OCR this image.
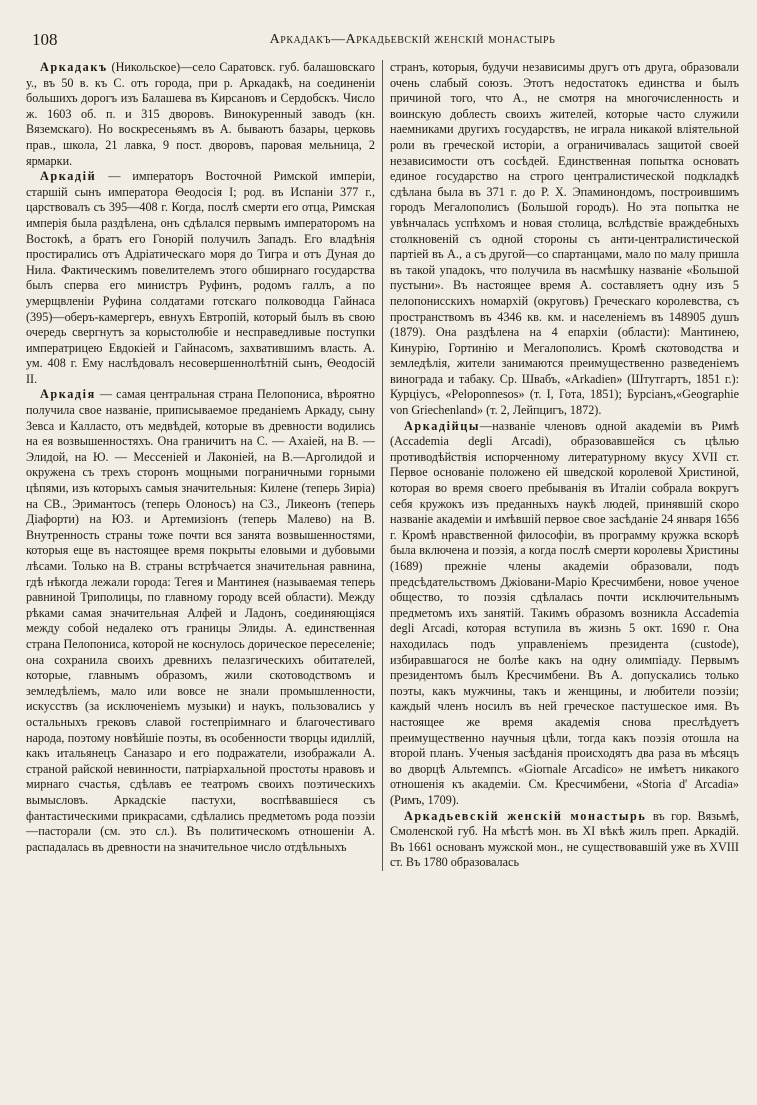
108	Аркадакъ—Аркадьевскій женскій монастырь

Аркадакъ (Никольское)—село Саратовск. губ. балашовскаго у., въ 50 в. къ С. отъ города, при р. Аркадакѣ, на соединеніи большихъ дорогъ изъ Балашева въ Кирсановъ и Сердобскъ. Число ж. 1603 об. п. и 315 дворовъ. Винокуренный заводъ (кн. Вяземскаго). Но воскресеньямъ въ А. бываютъ базары, церковь прав., школа, 21 лавка, 9 пост. дворовъ, паровая мельница, 2 ярмарки.

Аркадій — императоръ Восточной Римской имперіи, старшій сынъ императора Θеодосія I; род. въ Испаніи 377 г., царствовалъ съ 395—408 г. Когда, послѣ смерти его отца, Римская имперія была раздѣлена, онъ сдѣлался первымъ императоромъ на Востокѣ, а братъ его Гонорій получилъ Западъ. Его владѣнія простирались отъ Адріатическаго моря до Тигра и отъ Дуная до Нила. Фактическимъ повелителемъ этого обширнаго государства былъ сперва его министръ Руфинъ, родомъ галлъ, а по умерщвленіи Руфина солдатами готскаго полководца Гайнаса (395)—оберъ-камергеръ, евнухъ Евтропій, который былъ въ свою очередь свергнутъ за корыстолюбіе и несправедливые поступки императрицею Евдокіей и Гайнасомъ, захватившимъ власть. А. ум. 408 г. Ему наслѣдовалъ несовершеннолѣтній сынъ, Θеодосій II.

Аркадія — самая центральная страна Пелопониса, вѣроятно получила свое названіе, приписываемое преданіемъ Аркаду, сыну Зевса и Калласто, отъ медвѣдей, которые въ древности водились на ея возвышенностяхъ. Она граничитъ на С. — Ахаіей, на В. — Элидой, на Ю. — Мессеніей и Лаконіей, на В.—Арголидой и окружена съ трехъ сторонъ мощными пограничными горными цѣпями, изъ которыхъ самыя значительныя: Килене (теперь Зиріа) на СВ., Эримантосъ (теперь Олоносъ) на СЗ., Ликеонъ (теперь Діафорти) на ЮЗ. и Артемизіонъ (теперь Малево) на В. Внутренность страны тоже почти вся занята возвышенностями, которыя еще въ настоящее время покрыты еловыми и дубовыми лѣсами. Только на В. страны встрѣчается значительная равнина, гдѣ нѣкогда лежали города: Тегея и Мантинея (называемая теперь равниной Триполицы, по главному городу всей области). Между рѣками самая значительная Алфей и Ладонъ, соединяющіяся между собой недалеко отъ границы Элиды. А. единственная страна Пелопониса, которой не коснулось дорическое переселеніе; она сохранила своихъ древнихъ пелазгическихъ обитателей, которые, главнымъ образомъ, жили скотоводствомъ и земледѣліемъ, мало или вовсе не знали промышленности, искусствъ (за исключеніемъ музыки) и наукъ, пользовались у остальныхъ грековъ славой гостепріимнаго и благочестиваго народа, поэтому новѣйшіе поэты, въ особенности творцы идиллій, какъ итальянецъ Саназаро и его подражатели, изображали А. страной райской невинности, патріархальной простоты нравовъ и мирнаго счастья, сдѣлавъ ее театромъ своихъ поэтическихъ вымысловъ. Аркадскіе пастухи, воспѣвавшіеся съ фантастическими прикрасами, сдѣлались предметомъ рода поэзіи—пасторали (см. это сл.). Въ политическомъ отношеніи А. распадалась въ древности на значительное число отдѣльныхъ

странъ, которыя, будучи независимы другъ отъ друга, образовали очень слабый союзъ. Этотъ недостатокъ единства и былъ причиной того, что А., не смотря на многочисленность и воинскую доблесть своихъ жителей, которые часто служили наемниками другихъ государствъ, не играла никакой вліятельной роли въ греческой исторіи, а ограничивалась защитой своей независимости отъ сосѣдей. Единственная попытка основать единое государство на строго централистической подкладкѣ сдѣлана была въ 371 г. до Р. Х. Эпаминондомъ, построившимъ городъ Мегалополисъ (Большой городъ). Но эта попытка не увѣнчалась успѣхомъ и новая столица, вслѣдствіе враждебныхъ столкновеній съ одной стороны съ анти-централистической партіей въ А., а съ другой—со спартанцами, мало по малу пришла въ такой упадокъ, что получила въ насмѣшку названіе «Большой пустыни». Въ настоящее время А. составляетъ одну изъ 5 пелопонисскихъ номархій (округовъ) Греческаго королевства, съ пространствомъ въ 4346 кв. км. и населеніемъ въ 148905 душъ (1879). Она раздѣлена на 4 епархіи (области): Мантинею, Кинурію, Гортинію и Мегалополисъ. Кромѣ скотоводства и земледѣлія, жители занимаются преимущественно разведеніемъ винограда и табаку. Ср. Швабъ, «Arkadien» (Штутгартъ, 1851 г.): Курціусъ, «Peloponnesos» (т. I, Гота, 1851); Бурсіанъ,«Geographie von Griechenland» (т. 2, Лейпцигъ, 1872).

Аркадійцы—названіе членовъ одной академіи въ Римѣ (Accademia degli Arcadi), образовавшейся съ цѣлью противодѣйствія испорченному литературному вкусу XVII ст. Первое основаніе положено ей шведской королевой Христиной, которая во время своего пребыванія въ Италіи собрала вокругъ себя кружокъ изъ преданныхъ наукѣ людей, принявшій скоро названіе академіи и имѣвшій первое свое засѣданіе 24 января 1656 г. Кромѣ нравственной философіи, въ программу кружка вскорѣ была включена и поэзія, а когда послѣ смерти королевы Христины (1689) прежніе члены академіи образовали, подъ предсѣдательствомъ Джіовани-Маріо Кресчимбени, новое ученое общество, то поэзія сдѣлалась почти исключительнымъ предметомъ ихъ занятій. Такимъ образомъ возникла Accademia degli Arcadi, которая вступила въ жизнь 5 окт. 1690 г. Она находилась подъ управленіемъ президента (custode), избиравшагося не болѣе какъ на одну олимпіаду. Первымъ президентомъ былъ Кресчимбени. Въ А. допускались только поэты, какъ мужчины, такъ и женщины, и любители поэзіи; каждый членъ носилъ въ ней греческое пастушеское имя. Въ настоящее же время академія снова преслѣдуетъ преимущественно научныя цѣли, тогда какъ поэзія отошла на второй планъ. Ученыя засѣданія происходятъ два раза въ мѣсяцъ во дворцѣ Альтемпсъ. «Giornale Arcadico» не имѣетъ никакого отношенія къ академіи. См. Кресчимбени, «Storia d' Arcadia» (Римъ, 1709).

Аркадьевскій женскій монастырь въ гор. Вязьмѣ, Смоленской губ. На мѣстѣ мон. въ XI вѣкѣ жилъ преп. Аркадій. Въ 1661 основанъ мужской мон., не существовавшій уже въ XVIII ст. Въ 1780 образовалась
